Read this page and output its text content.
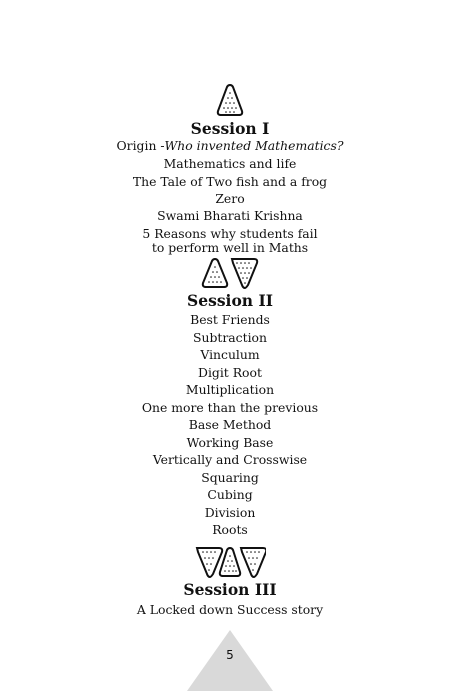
Session I
Origin -Who invented Mathematics?
Mathematics and life
The Tale of Two fish and a frog
Zero
Swami Bharati Krishna
5 Reasons why students fail
to perform well in Maths
Session II
Best Friends
Subtraction
Vinculum
Digit Root
Multiplication
One more than the previous
Base Method
Working Base
Vertically and Crosswise
Squaring
Cubing
Division
Roots
Session III
A Locked down Success story
5
